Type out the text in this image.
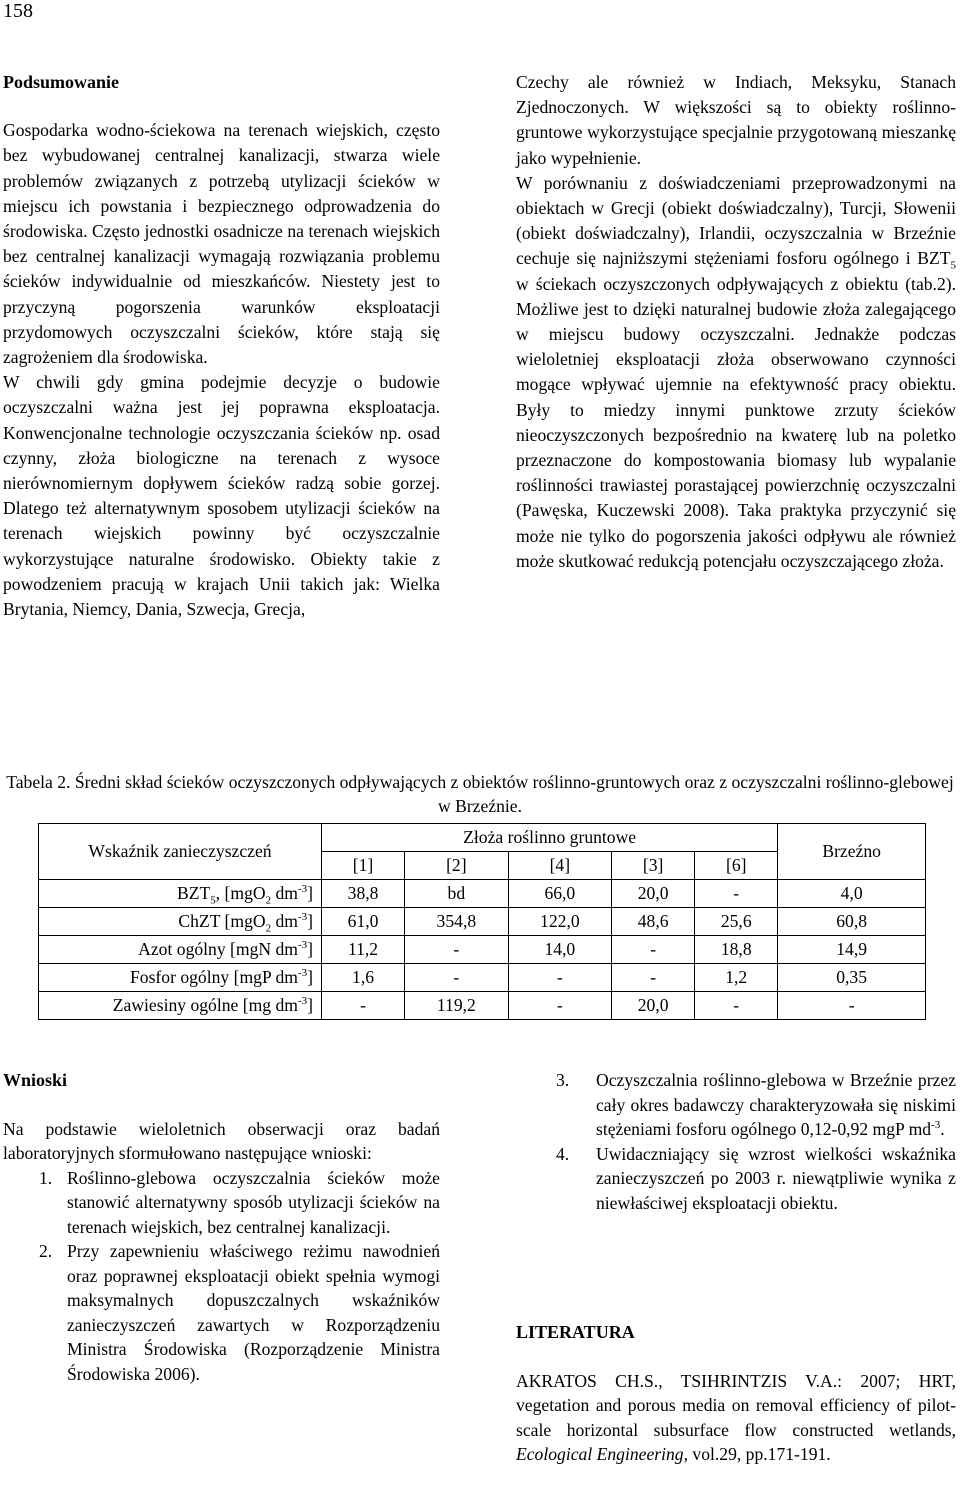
158
Podsumowanie

Gospodarka wodno-ściekowa na terenach wiejskich, często bez wybudowanej centralnej kanalizacji, stwarza wiele problemów związanych z potrzebą utylizacji ścieków w miejscu ich powstania i bezpiecznego odprowadzenia do środowiska. Często jednostki osadnicze na terenach wiejskich bez centralnej kanalizacji wymagają rozwiązania problemu ścieków indywidualnie od mieszkańców. Niestety jest to przyczyną pogorszenia warunków eksploatacji przydomowych oczyszczalni ścieków, które stają się zagrożeniem dla środowiska.

W chwili gdy gmina podejmie decyzje o budowie oczyszczalni ważna jest jej poprawna eksploatacja. Konwencjonalne technologie oczyszczania ścieków np. osad czynny, złoża biologiczne na terenach z wysoce nierównomiernym dopływem ścieków radzą sobie gorzej. Dlatego też alternatywnym sposobem utylizacji ścieków na terenach wiejskich powinny być oczyszczalnie wykorzystujące naturalne środowisko. Obiekty takie z powodzeniem pracują w krajach Unii takich jak: Wielka Brytania, Niemcy, Dania, Szwecja, Grecja,

Czechy ale również w Indiach, Meksyku, Stanach Zjednoczonych. W większości są to obiekty roślinno-gruntowe wykorzystujące specjalnie przygotowaną mieszankę jako wypełnienie.

W porównaniu z doświadczeniami przeprowadzonymi na obiektach w Grecji (obiekt doświadczalny), Turcji, Słowenii (obiekt doświadczalny), Irlandii, oczyszczalnia w Brzeźnie cechuje się najniższymi stężeniami fosforu ogólnego i $BZT_5$ w ściekach oczyszczonych odpływających z obiektu (tab.2). Możliwe jest to dzięki naturalnej budowie złoża zalegającego w miejscu budowy oczyszczalni. Jednakże podczas wieloletniej eksploatacji złoża obserwowano czynności mogące wpływać ujemnie na efektywność pracy obiektu. Były to miedzy innymi punktowe zrzuty ścieków nieoczyszczonych bezpośrednio na kwaterę lub na poletko przeznaczone do kompostowania biomasy lub wypalanie roślinności trawiastej porastającej powierzchnię oczyszczalni (Pawęska, Kuczewski 2008). Taka praktyka przyczynić się może nie tylko do pogorszenia jakości odpływu ale również może skutkować redukcją potencjału oczyszczającego złoża.

Tabela 2. Średni skład ścieków oczyszczonych odpływających z obiektów roślinno-gruntowych oraz z oczyszczalni roślinno-glebowej w Brzeźnie.
Wskaźnik zanieczyszczeń	Złoża roślinno gruntowe					Brzeźno
	[1]	[2]	[4]	[3]	[6]	
$BZT_5$, [mgO$_2$ $dm^{-3}$]	38,8	bd	66,0	20,0	-	4,0
ChZT [mgO$_2$ $dm^{-3}$]	61,0	354,8	122,0	48,6	25,6	60,8
Azot ogólny [mgN $dm^{-3}$]	11,2	-	14,0	-	18,8	14,9
Fosfor ogólny [mgP $dm^{-3}$]	1,6	-	-	-	1,2	0,35
Zawiesiny ogólne [mg $dm^{-3}$]	-	119,2	-	20,0	-	-
Wnioski

Na podstawie wieloletnich obserwacji oraz badań laboratoryjnych sformułowano następujące wnioski:

1. Roślinno-glebowa oczyszczalnia ścieków może stanowić alternatywny sposób utylizacji ścieków na terenach wiejskich, bez centralnej kanalizacji.
2. Przy zapewnieniu właściwego reżimu nawodnień oraz poprawnej eksploatacji obiekt spełnia wymogi maksymalnych dopuszczalnych wskaźników zanieczyszczeń zawartych w Rozporządzeniu Ministra Środowiska (Rozporządzenie Ministra Środowiska 2006).
3.	Oczyszczalnia roślinno-glebowa w Brzeźnie przez cały okres badawczy charakteryzowała się niskimi stężeniami fosforu ogólnego 0,12-0,92 mgP $md^{-3}$.
4.	Uwidaczniający się wzrost wielkości wskaźnika zanieczyszczeń po 2003 r. niewątpliwie wynika z niewłaściwej eksploatacji obiektu.
LITERATURA

AKRATOS CH.S., TSIHRINTZIS V.A.: 2007; HRT, vegetation and porous media on removal efficiency of pilot-scale horizontal subsurface flow constructed wetlands, Ecological Engineering, vol.29, pp.171-191.
